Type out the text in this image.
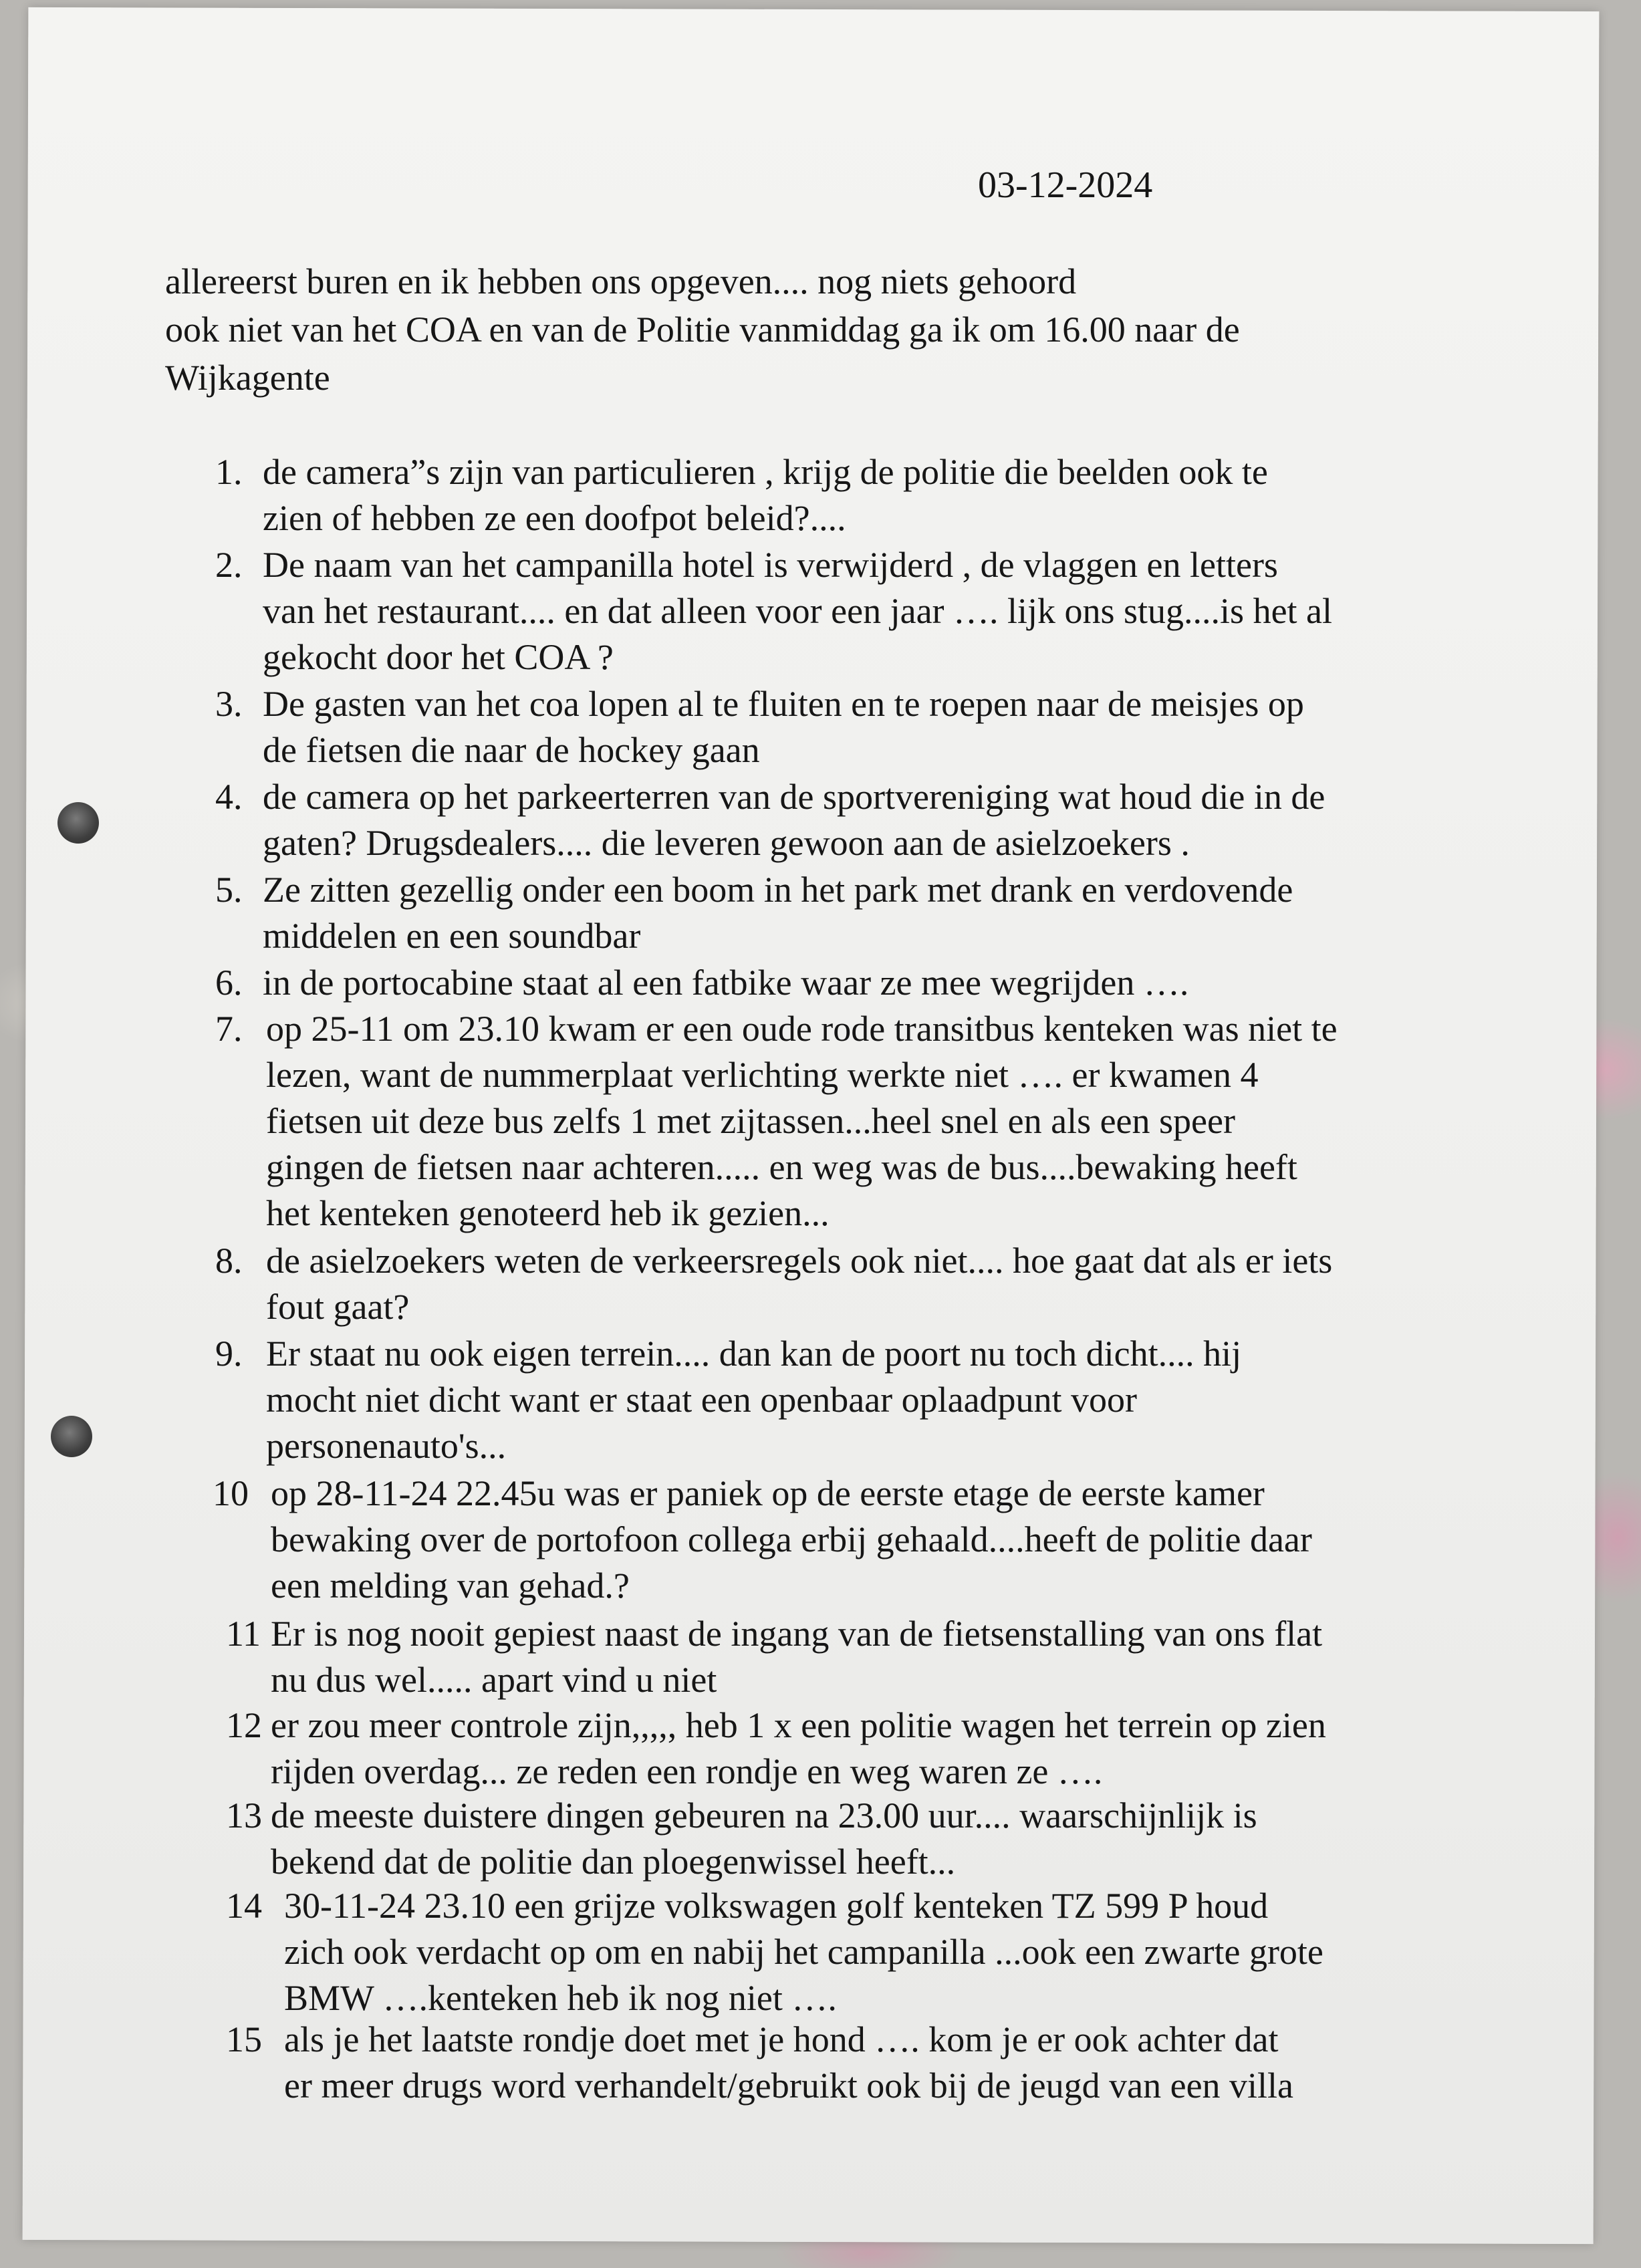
03-12-2024
allereerst buren en ik hebben ons opgeven.... nog niets gehoord
ook niet van het COA en van de Politie vanmiddag ga ik om 16.00 naar de
Wijkagente
1. de camera”s zijn van particulieren , krijg de politie die beelden ook te
zien of hebben ze een doofpot beleid?....
2. De naam van het campanilla hotel is verwijderd , de vlaggen en letters
van het restaurant.... en dat alleen voor een jaar …. lijk ons stug....is het al
gekocht door het COA ?
3. De gasten van het coa lopen al te fluiten en te roepen naar de meisjes op
de fietsen die naar de hockey gaan
4. de camera op het parkeerterren van de sportvereniging wat houd die in de
gaten? Drugsdealers.... die leveren gewoon aan de asielzoekers .
5. Ze zitten gezellig onder een boom in het park met drank en verdovende
middelen en een soundbar
6. in de portocabine staat al een fatbike waar ze mee wegrijden ….
7. op 25-11 om 23.10 kwam er een oude rode transitbus kenteken was niet te
lezen, want de nummerplaat verlichting werkte niet …. er kwamen 4
fietsen uit deze bus zelfs 1 met zijtassen...heel snel en als een speer
gingen de fietsen naar achteren..... en weg was de bus....bewaking heeft
het kenteken genoteerd heb ik gezien...
8. de asielzoekers weten de verkeersregels ook niet.... hoe gaat dat als er iets
fout gaat?
9. Er staat nu ook eigen terrein.... dan kan de poort nu toch dicht.... hij
mocht niet dicht want er staat een openbaar oplaadpunt voor
personenauto's...
10 op 28-11-24 22.45u was er paniek op de eerste etage de eerste kamer
bewaking over de portofoon collega erbij gehaald....heeft de politie daar
een melding van gehad.?
11 Er is nog nooit gepiest naast de ingang van de fietsenstalling van ons flat
nu dus wel..... apart vind u niet
12 er zou meer controle zijn,,,,, heb 1 x een politie wagen het terrein op zien
rijden overdag... ze reden een rondje en weg waren ze ….
13 de meeste duistere dingen gebeuren na 23.00 uur.... waarschijnlijk is
bekend dat de politie dan ploegenwissel heeft...
14 30-11-24 23.10 een grijze volkswagen golf kenteken TZ 599 P houd
zich ook verdacht op om en nabij het campanilla ...ook een zwarte grote
BMW ….kenteken heb ik nog niet ….
15 als je het laatste rondje doet met je hond …. kom je er ook achter dat
er meer drugs word verhandelt/gebruikt ook bij de jeugd van een villa
